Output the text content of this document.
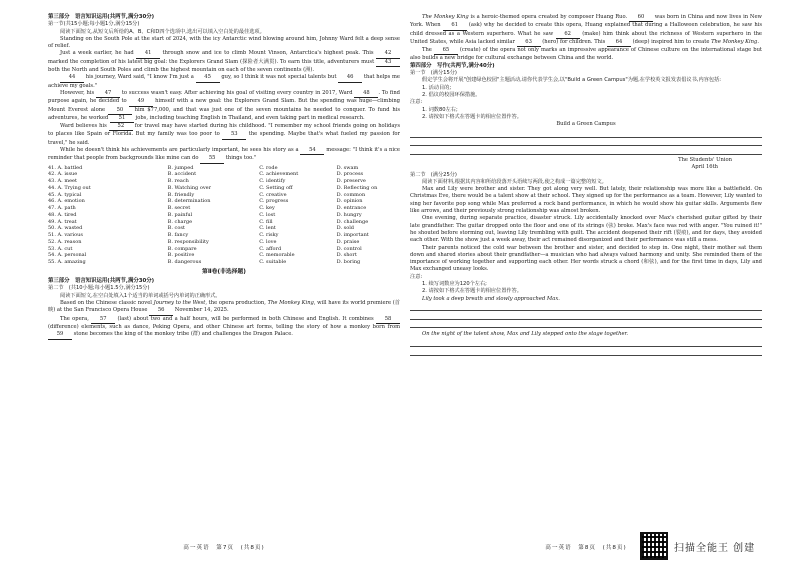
第三部分　语言知识运用(共两节,满分30分)
第一节(共15小题;每小题1分,满分15分)
阅读下面短文,从短文后所给的A、B、C和D四个选项中,选出可以填入空白处的最佳选项。
Standing on the South Pole at the start of 2024, with the icy Antarctic wind blowing around him, Johnny Ward felt a deep sense of relief.
Just a week earlier, he had 41 through snow and ice to climb Mount Vinson, Antarctica's highest peak. This 42 marked the completion of his latest big goal: the Explorers Grand Slam (探险者大满贯). To earn this title, adventurers must 43 both the North and South Poles and climb the highest mountain on each of the seven continents (洲).
44 his journey, Ward said, "I know I'm just a 45 guy, so I think it was not special talents but 46 that helps me achieve my goals."
However, his 47 to success wasn't easy. After achieving his goal of visiting every country in 2017, Ward 48 . To find purpose again, he decided to 49 himself with a new goal: the Explorers Grand Slam. But the spending was huge—climbing Mount Everest alone 50 him $77,000, and that was just one of the seven mountains he needed to conquer. To fund his adventures, he worked 51 jobs, including teaching English in Thailand, and even taking part in medical research.
Ward believes his 52 for travel may have started during his childhood. "I remember my school friends going on holidays to places like Spain or Florida. But my family was too poor to 53 the spending. Maybe that's what fueled my passion for travel," he said.
While he doesn't think his achievements are particularly important, he sees his story as a 54 message: "I think it's a nice reminder that people from backgrounds like mine can do 55 things too."
41. A. battled	B. jumped	C. rode	D. swam
42. A. issue	B. accident	C. achievement	D. process
43. A. meet	B. reach	C. identify	D. preserve
44. A. Trying out	B. Watching over	C. Setting off	D. Reflecting on
45. A. typical	B. friendly	C. creative	D. common
46. A. emotion	B. determination	C. progress	D. opinion
47. A. path	B. secret	C. key	D. entrance
48. A. tired	B. painful	C. lost	D. hungry
49. A. treat	B. charge	C. fill	D. challenge
50. A. wasted	B. cost	C. lent	D. sold
51. A. various	B. fancy	C. risky	D. important
52. A. reason	B. responsibility	C. love	D. praise
53. A. cut	B. compare	C. afford	D. control
54. A. personal	B. positive	C. memorable	D. short
55. A. amazing	B. dangerous	C. suitable	D. boring
第Ⅱ卷(非选择题)
第三部分　语言知识运用(共两节,满分30分)
第二节　(共10小题;每小题1.5分,满分15分)
阅读下面短文,在空白处填入1个适当的单词或括号内单词的正确形式。
Based on the Chinese classic novel Journey to the West, the opera production, The Monkey King, will have its world premiere (首映) at the San Francisco Opera House 56 November 14, 2025.
The opera, 57 (last) about two and a half hours, will be performed in both Chinese and English. It combines 58 (difference) elements, such as dance, Peking Opera, and other Chinese art forms, telling the story of how a monkey born from 59 stone becomes the king of the monkey tribe (群) and challenges the Dragon Palace.
高一英语　第7页　(共8页)
The Monkey King is a heroic-themed opera created by composer Huang Ruo. 60 was born in China and now lives in New York. When 61 (ask) why he decided to create this opera, Huang explained that during a Halloween celebration, he saw his child dressed as a Western superhero. What he saw 62 (make) him think about the richness of Western superhero in the United States, while Asia lacked similar 63 (hero) for children. This 64 (deep) inspired him to create The Monkey King.
The 65 (create) of the opera not only marks an impressive appearance of Chinese culture on the international stage but also builds a new bridge for cultural exchange between China and the world.
第四部分　写作(共两节,满分40分)
第一节　(满分15分)
假定学生会将开展"创建绿色校园"主题活动,请你代表学生会,以"Build a Green Campus"为题,在学校英文报发表倡议书,内容包括:
1. 活动目的;
2. 倡议的校园环保措施。
注意:
1. 词数80左右;
2. 请按如下格式在答题卡的相应位置作答。
Build a Green Campus
The Students' Union
April 16th
第二节　(满分25分)
阅读下面材料,根据其内容和所给段落开头语续写两段,使之构成一篇完整的短文。
Max and Lily were brother and sister. They got along very well. But lately, their relationship was more like a battlefield. On Christmas Eve, there would be a talent show at their school. They signed up for the performance as a team. However, Lily wanted to sing her favorite pop song while Max preferred a rock band performance, in which he would show his guitar skills. Arguments flew like arrows, and their previously strong relationship was almost broken.
One evening, during separate practice, disaster struck. Lily accidentally knocked over Max's cherished guitar gifted by their late grandfather. The guitar dropped onto the floor and one of its strings (弦) broke. Max's face was red with anger. "You ruined it!" he shouted before storming out, leaving Lily trembling with guilt. The accident deepened their rift (裂痕), and for days, they avoided each other. With the show just a week away, their act remained disorganized and their performance was still a mess.
Their parents noticed the cold war between the brother and sister, and decided to step in. One night, their mother sat them down and shared stories about their grandfather—a musician who had always valued harmony and unity. She reminded them of the importance of working together and supporting each other. Her words struck a chord (和弦), and for the first time in days, Lily and Max exchanged uneasy looks.
注意:
1. 续写词数应为120个左右;
2. 请按如下格式在答题卡的相应位置作答。
Lily took a deep breath and slowly approached Max.
On the night of the talent show, Max and Lily stepped onto the stage together.
高一英语　第8页　(共8页)	扫描全能王 创建
